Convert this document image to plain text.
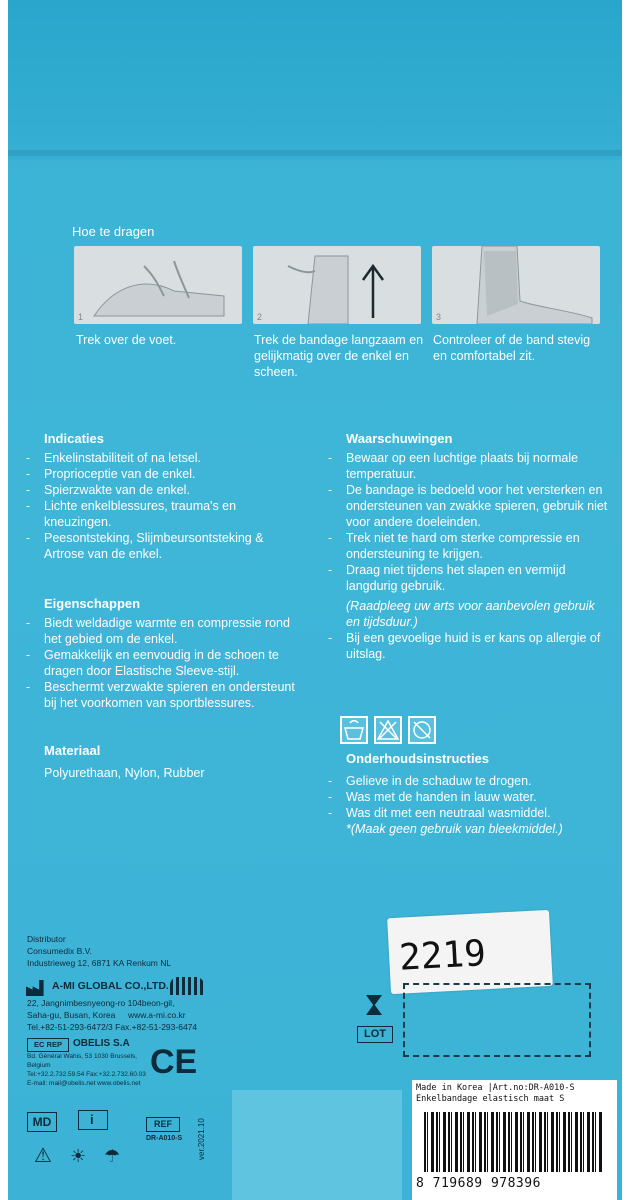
Hoe te dragen
1	2	3
Trek over de voet.	Trek de bandage langzaam en gelijkmatig over de enkel en scheen.
Controleer of de band stevig en comfortabel zit.
Indicaties
- Enkelinstabiliteit of na letsel.
- Proprioceptie van de enkel.
- Spierzwakte van de enkel.
- Lichte enkelblessures, trauma's en kneuzingen.
- Peesontsteking, Slijmbeursontsteking & Artrose van de enkel.
Eigenschappen
- Biedt weldadige warmte en compressie rond het gebied om de enkel.
- Gemakkelijk en eenvoudig in de schoen te dragen door Elastische Sleeve-stijl.
- Beschermt verzwakte spieren en ondersteunt bij het voorkomen van sportblessures.
Materiaal
Polyurethaan, Nylon, Rubber
Waarschuwingen
- Bewaar op een luchtige plaats bij normale temperatuur.
- De bandage is bedoeld voor het versterken en ondersteunen van zwakke spieren, gebruik niet voor andere doeleinden.
- Trek niet te hard om sterke compressie en ondersteuning te krijgen.
- Draag niet tijdens het slapen en vermijd langdurig gebruik.
(Raadpleeg uw arts voor aanbevolen gebruik en tijdsduur.)
- Bij een gevoelige huid is er kans op allergie of uitslag.
Onderhoudsinstructies
- Gelieve in de schaduw te drogen.
- Was met de handen in lauw water.
- Was dit met een neutraal wasmiddel.
*(Maak geen gebruik van bleekmiddel.)
Distributor
Consumedix B.V.
Industrieweg 12, 6871 KA Renkum NL
A-MI GLOBAL CO.,LTD.
22, Jangnimbesnyeong-ro 104beon-gil,
Saha-gu, Busan, Korea www.a-mi.co.kr
Tel.+82-51-293-6472/3 Fax.+82-51-293-6474
EC REP	OBELIS S.A
Bd. Général Wahis, 53 1030 Brussels,
Belgium
Tel:+32.2.732.59.54 Fax:+32.2.732.60.03
E-mail: mail@obelis.net www.obelis.net
CE
MD	i	REF
DR-A010-S ver.2021.10
⚠ ☀ ☂
2219
LOT
Made in Korea |Art.no:DR-A010-S
Enkelbandage elastisch maat S
8 719689 978396
